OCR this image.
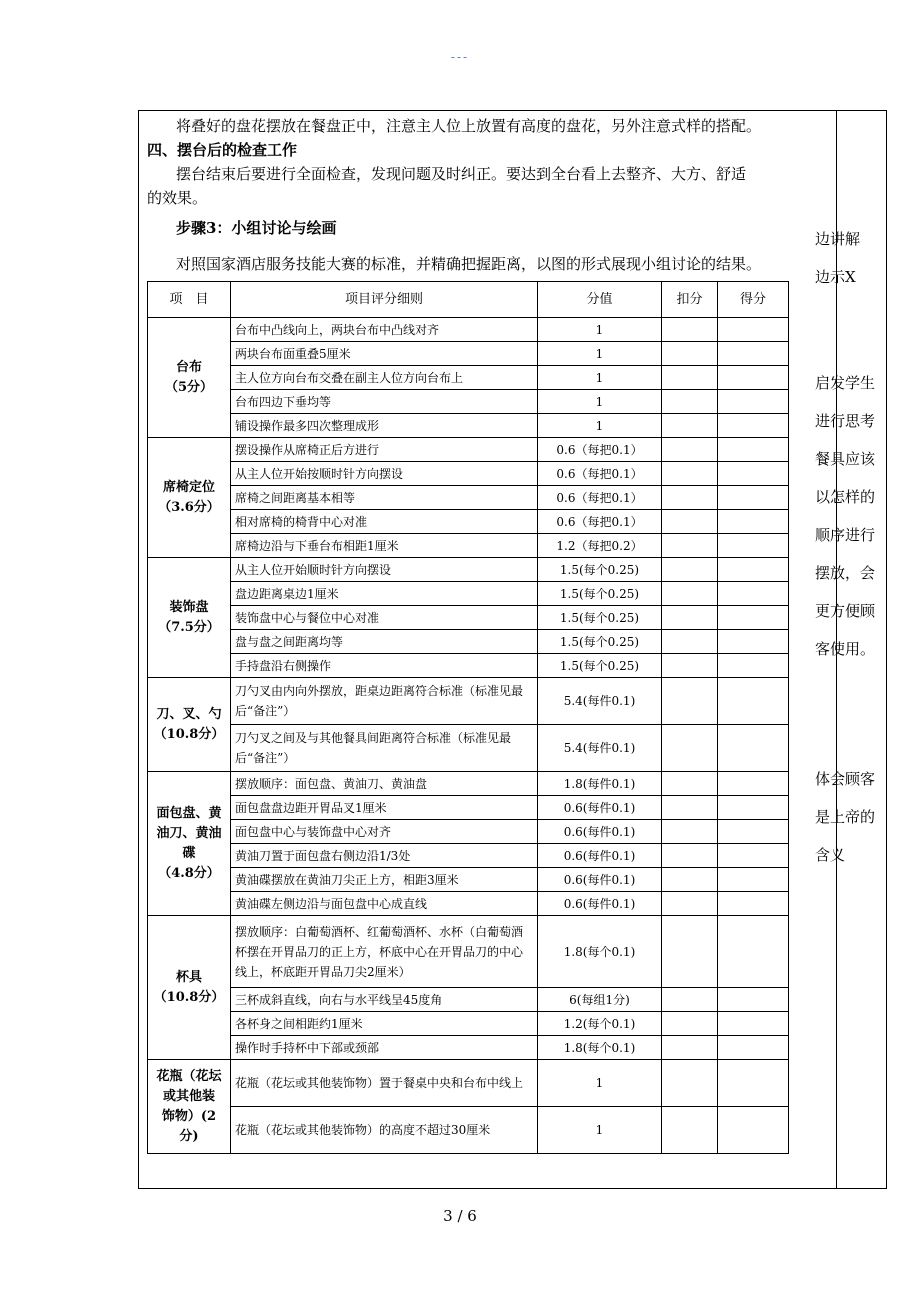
---
将叠好的盘花摆放在餐盘正中，注意主人位上放置有高度的盘花，另外注意式样的搭配。
四、摆台后的检查工作
摆台结束后要进行全面检查，发现问题及时纠正。要达到全台看上去整齐、大方、舒适
的效果。
步骤3：小组讨论与绘画
对照国家酒店服务技能大赛的标准，并精确把握距离，以图的形式展现小组讨论的结果。
项　目	项目评分细则	分值	扣分	得分
台布
（5分）	台布中凸线向上，两块台布中凸线对齐	1		
	两块台布面重叠5厘米	1		
	主人位方向台布交叠在副主人位方向台布上	1		
	台布四边下垂均等	1		
	铺设操作最多四次整理成形	1		
席椅定位
（3.6分）	摆设操作从席椅正后方进行	0.6（每把0.1）		
	从主人位开始按顺时针方向摆设	0.6（每把0.1）		
	席椅之间距离基本相等	0.6（每把0.1）		
	相对席椅的椅背中心对准	0.6（每把0.1）		
	席椅边沿与下垂台布相距1厘米	1.2（每把0.2）		
装饰盘
（7.5分）	从主人位开始顺时针方向摆设	1.5(每个0.25)		
	盘边距离桌边1厘米	1.5(每个0.25)		
	装饰盘中心与餐位中心对准	1.5(每个0.25)		
	盘与盘之间距离均等	1.5(每个0.25)		
	手持盘沿右侧操作	1.5(每个0.25)		
刀、叉、勺
（10.8分）	刀勺叉由内向外摆放，距桌边距离符合标准（标准见最后“备注”）	5.4(每件0.1)		
	刀勺叉之间及与其他餐具间距离符合标准（标准见最后“备注”）	5.4(每件0.1)		
面包盘、黄
油刀、黄油
碟
（4.8分）	摆放顺序：面包盘、黄油刀、黄油盘	1.8(每件0.1)		
	面包盘盘边距开胃品叉1厘米	0.6(每件0.1)		
	面包盘中心与装饰盘中心对齐	0.6(每件0.1)		
	黄油刀置于面包盘右侧边沿1/3处	0.6(每件0.1)		
	黄油碟摆放在黄油刀尖正上方，相距3厘米	0.6(每件0.1)		
	黄油碟左侧边沿与面包盘中心成直线	0.6(每件0.1)		
杯具
（10.8分）	摆放顺序：白葡萄酒杯、红葡萄酒杯、水杯（白葡萄酒杯摆在开胃品刀的正上方，杯底中心在开胃品刀的中心线上，杯底距开胃品刀尖2厘米）	1.8(每个0.1)		
	三杯成斜直线，向右与水平线呈45度角	6(每组1分)		
	各杯身之间相距约1厘米	1.2(每个0.1)		
	操作时手持杯中下部或颈部	1.8(每个0.1)		
花瓶（花坛
或其他装
饰物）(2
分)	花瓶（花坛或其他装饰物）置于餐桌中央和台布中线上	1		
	花瓶（花坛或其他装饰物）的高度不超过30厘米	1		
边讲解
边示X
启发学生
进行思考
餐具应该
以怎样的
顺序进行
摆放，会
更方便顾
客使用。
体会顾客
是上帝的
含义
3 / 6
